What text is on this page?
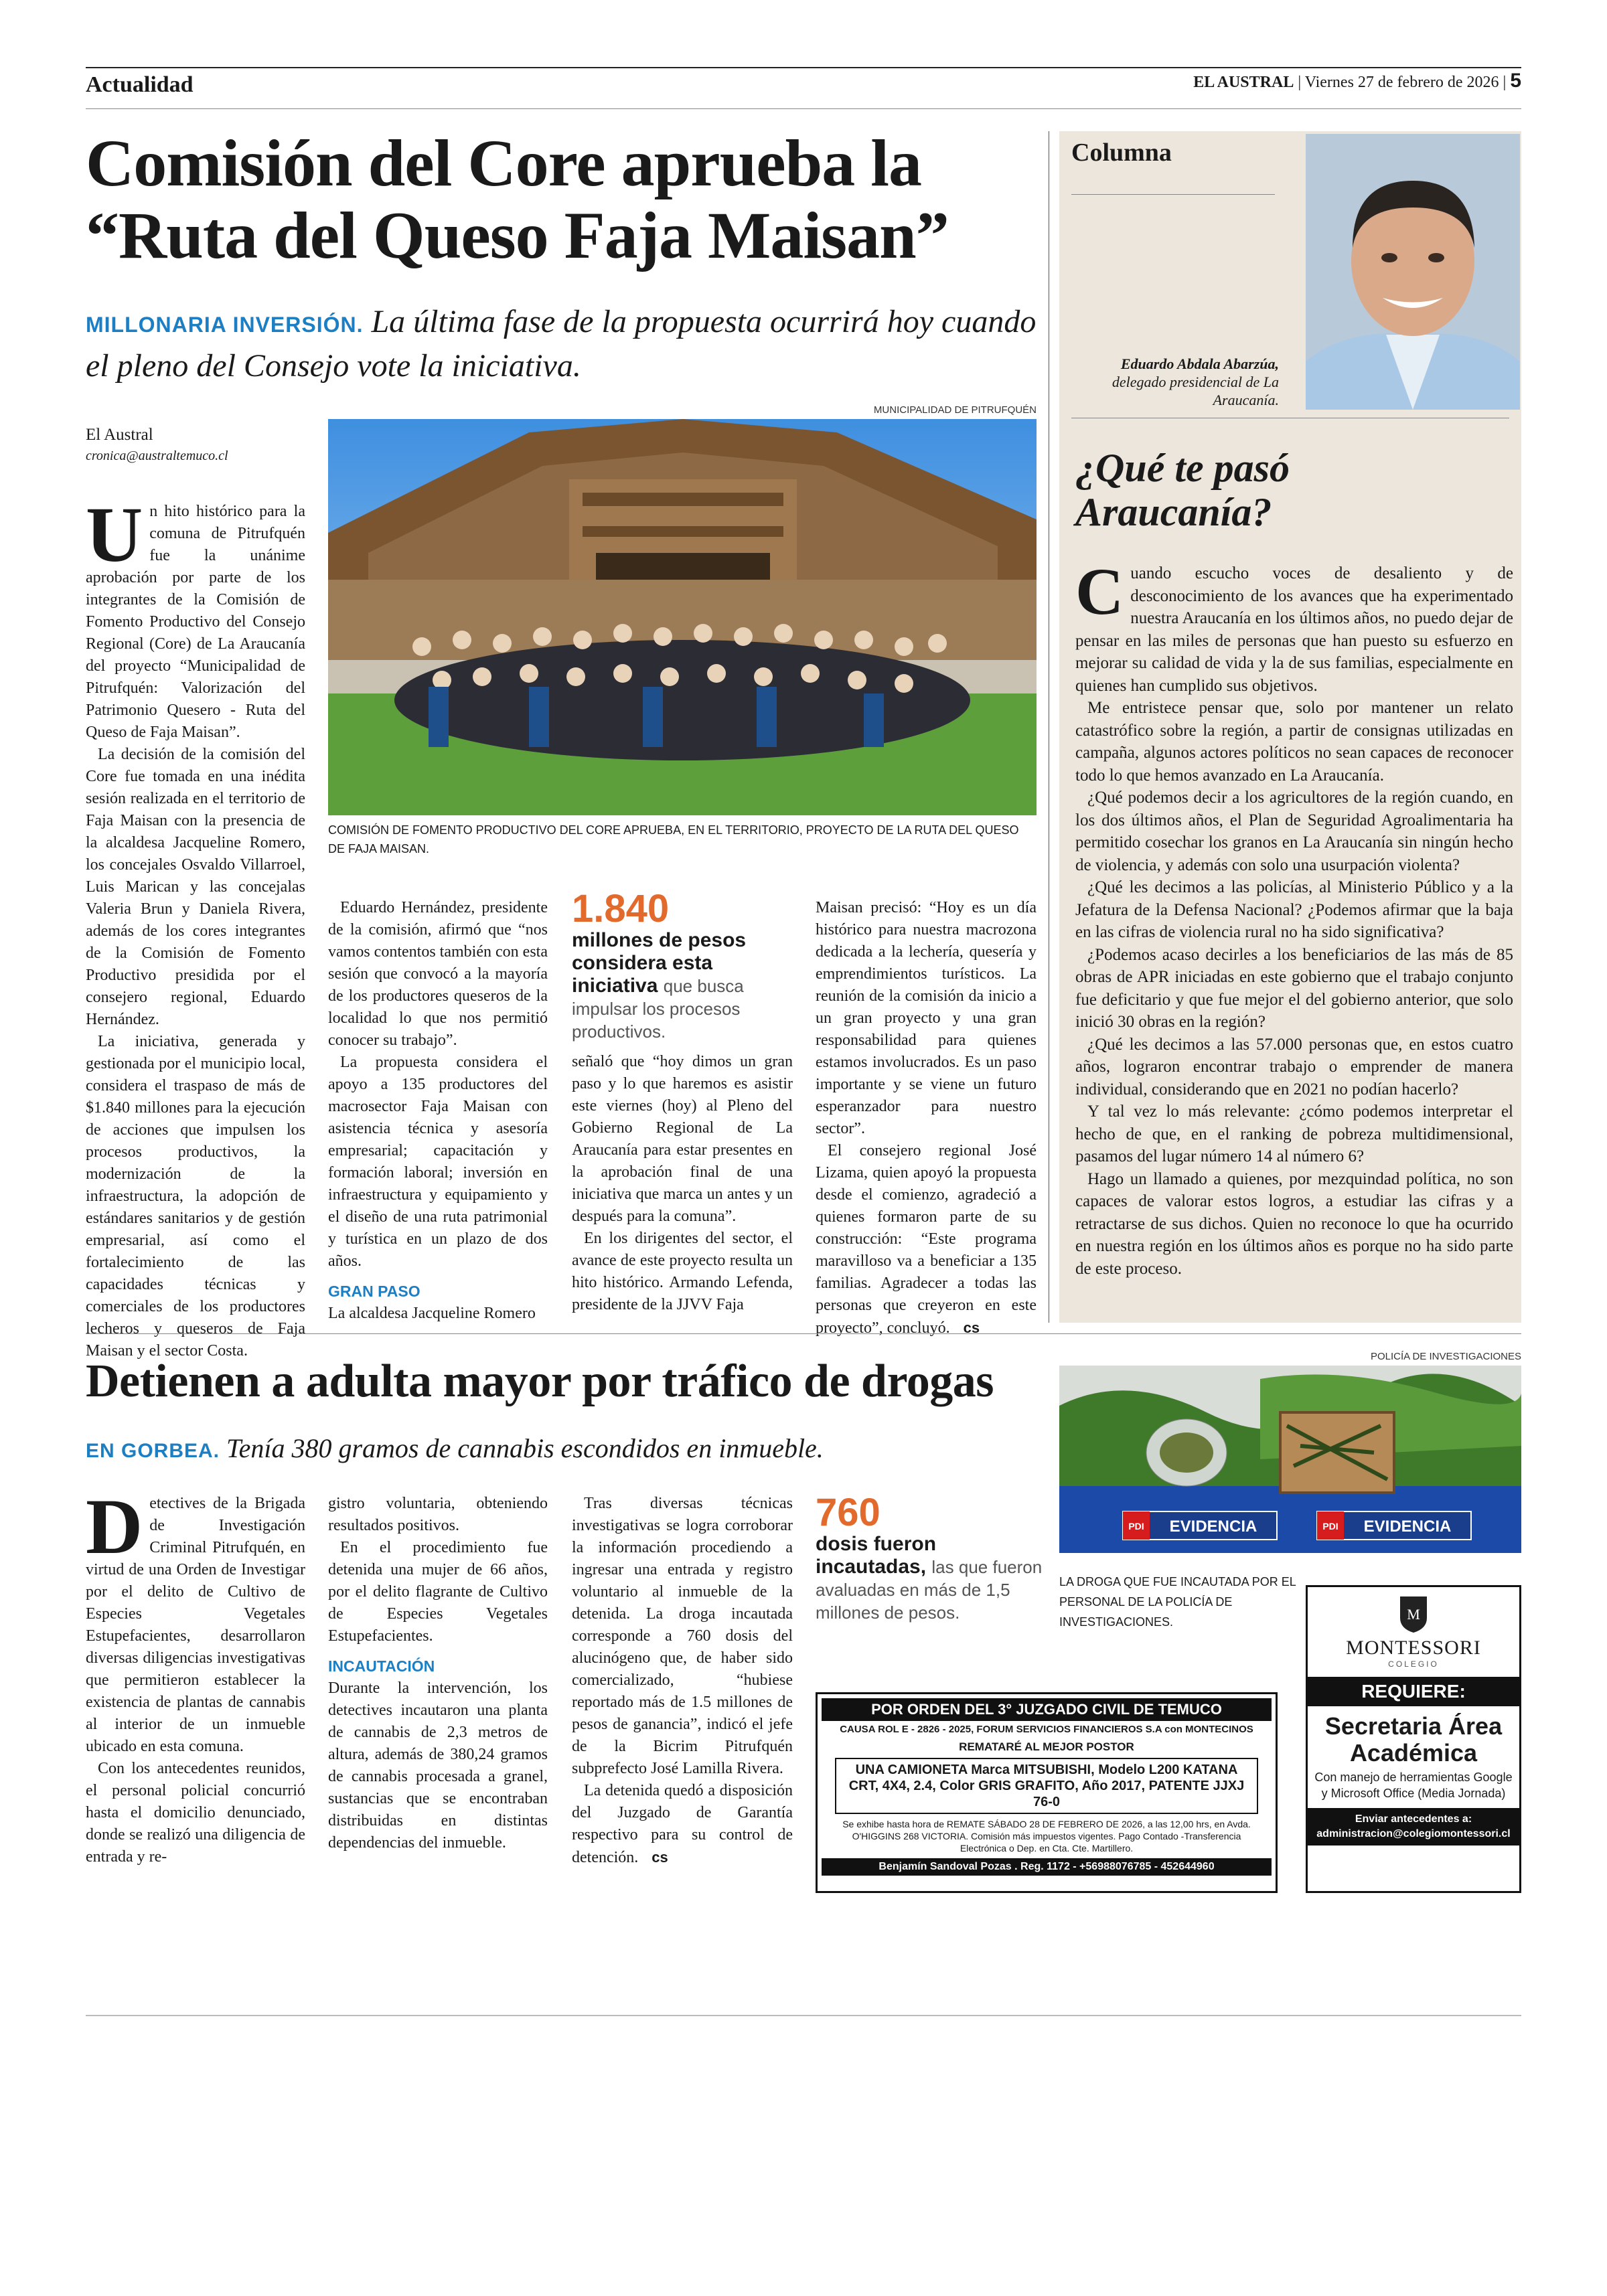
Actualidad	EL AUSTRAL | Viernes 27 de febrero de 2026 | 5
Comisión del Core aprueba la “Ruta del Queso Faja Maisan”
MILLONARIA INVERSIÓN. La última fase de la propuesta ocurrirá hoy cuando el pleno del Consejo vote la iniciativa.
MUNICIPALIDAD DE PITRUFQUÉN
El Austral
cronica@australtemuco.cl
COMISIÓN DE FOMENTO PRODUCTIVO DEL CORE APRUEBA, EN EL TERRITORIO, PROYECTO DE LA RUTA DEL QUESO DE FAJA MAISAN.

Un hito histórico para la comuna de Pitrufquén fue la unánime aprobación por parte de los integrantes de la Comisión de Fomento Productivo del Consejo Regional (Core) de La Araucanía del proyecto “Municipalidad de Pitrufquén: Valorización del Patrimonio Quesero - Ruta del Queso de Faja Maisan”.

La decisión de la comisión del Core fue tomada en una inédita sesión realizada en el territorio de Faja Maisan con la presencia de la alcaldesa Jacqueline Romero, los concejales Osvaldo Villarroel, Luis Marican y las concejalas Valeria Brun y Daniela Rivera, además de los cores integrantes de la Comisión de Fomento Productivo presidida por el consejero regional, Eduardo Hernández.

La iniciativa, generada y gestionada por el municipio local, considera el traspaso de más de $1.840 millones para la ejecución de acciones que impulsen los procesos productivos, la modernización de la infraestructura, la adopción de estándares sanitarios y de gestión empresarial, así como el fortalecimiento de las capacidades técnicas y comerciales de los productores lecheros y queseros de Faja Maisan y el sector Costa.

Eduardo Hernández, presidente de la comisión, afirmó que “nos vamos contentos también con esta sesión que convocó a la mayoría de los productores queseros de la localidad lo que nos permitió conocer su trabajo”.

La propuesta considera el apoyo a 135 productores del macrosector Faja Maisan con asistencia técnica y asesoría empresarial; capacitación y formación laboral; inversión en infraestructura y equipamiento y el diseño de una ruta patrimonial y turística en un plazo de dos años.

GRAN PASO

La alcaldesa Jacqueline Romero

1.840
millones de pesos considera esta iniciativa que busca impulsar los procesos productivos.

señaló que “hoy dimos un gran paso y lo que haremos es asistir este viernes (hoy) al Pleno del Gobierno Regional de La Araucanía para estar presentes en la aprobación final de una iniciativa que marca un antes y un después para la comuna”.

En los dirigentes del sector, el avance de este proyecto resulta un hito histórico. Armando Lefenda, presidente de la JJVV Faja

Maisan precisó: “Hoy es un día histórico para nuestra macrozona dedicada a la lechería, quesería y emprendimientos turísticos. La reunión de la comisión da inicio a un gran proyecto y una gran responsabilidad para quienes estamos involucrados. Es un paso importante y se viene un futuro esperanzador para nuestro sector”.

El consejero regional José Lizama, quien apoyó la propuesta desde el comienzo, agradeció a quienes formaron parte de su construcción: “Este programa maravilloso va a beneficiar a 135 familias. Agradecer a todas las personas que creyeron en este proyecto”, concluyó. cs

Columna
Eduardo Abdala Abarzúa,
delegado presidencial de La Araucanía.
¿Qué te pasó Araucanía?

Cuando escucho voces de desaliento y de desconocimiento de los avances que ha experimentado nuestra Araucanía en los últimos años, no puedo dejar de pensar en las miles de personas que han puesto su esfuerzo en mejorar su calidad de vida y la de sus familias, especialmente en quienes han cumplido sus objetivos.

Me entristece pensar que, solo por mantener un relato catastrófico sobre la región, a partir de consignas utilizadas en campaña, algunos actores políticos no sean capaces de reconocer todo lo que hemos avanzado en La Araucanía.

¿Qué podemos decir a los agricultores de la región cuando, en los dos últimos años, el Plan de Seguridad Agroalimentaria ha permitido cosechar los granos en La Araucanía sin ningún hecho de violencia, y además con solo una usurpación violenta?

¿Qué les decimos a las policías, al Ministerio Público y a la Jefatura de la Defensa Nacional? ¿Podemos afirmar que la baja en las cifras de violencia rural no ha sido significativa?

¿Podemos acaso decirles a los beneficiarios de las más de 85 obras de APR iniciadas en este gobierno que el trabajo conjunto fue deficitario y que fue mejor el del gobierno anterior, que solo inició 30 obras en la región?

¿Qué les decimos a las 57.000 personas que, en estos cuatro años, lograron encontrar trabajo o emprender de manera individual, considerando que en 2021 no podían hacerlo?

Y tal vez lo más relevante: ¿cómo podemos interpretar el hecho de que, en el ranking de pobreza multidimensional, pasamos del lugar número 14 al número 6?

Hago un llamado a quienes, por mezquindad política, no son capaces de valorar estos logros, a estudiar las cifras y a retractarse de sus dichos. Quien no reconoce lo que ha ocurrido en nuestra región en los últimos años es porque no ha sido parte de este proceso.

Detienen a adulta mayor por tráfico de drogas
EN GORBEA. Tenía 380 gramos de cannabis escondidos en inmueble.

Detectives de la Brigada de Investigación Criminal Pitrufquén, en virtud de una Orden de Investigar por el delito de Cultivo de Especies Vegetales Estupefacientes, desarrollaron diversas diligencias investigativas que permitieron establecer la existencia de plantas de cannabis al interior de un inmueble ubicado en esta comuna.

Con los antecedentes reunidos, el personal policial concurrió hasta el domicilio denunciado, donde se realizó una diligencia de entrada y re-

gistro voluntaria, obteniendo resultados positivos.

En el procedimiento fue detenida una mujer de 66 años, por el delito flagrante de Cultivo de Especies Vegetales Estupefacientes.

INCAUTACIÓN

Durante la intervención, los detectives incautaron una planta de cannabis de 2,3 metros de altura, además de 380,24 gramos de cannabis procesada a granel, sustancias que se encontraban distribuidas en distintas dependencias del inmueble.

Tras diversas técnicas investigativas se logra corroborar la información procediendo a ingresar una entrada y registro voluntario al inmueble de la detenida. La droga incautada corresponde a 760 dosis del alucinógeno que, de haber sido comercializado, “hubiese reportado más de 1.5 millones de pesos de ganancia”, indicó el jefe de la Bicrim Pitrufquén subprefecto José Lamilla Rivera.

La detenida quedó a disposición del Juzgado de Garantía respectivo para su control de detención. cs

760
dosis fueron incautadas, las que fueron avaluadas en más de 1,5 millones de pesos.
POLICÍA DE INVESTIGACIONES
PDI EVIDENCIA	PDI EVIDENCIA
LA DROGA QUE FUE INCAUTADA POR EL PERSONAL DE LA POLICÍA DE INVESTIGACIONES.
POR ORDEN DEL 3° JUZGADO CIVIL DE TEMUCO
CAUSA ROL E - 2826 - 2025, FORUM SERVICIOS FINANCIEROS S.A con MONTECINOS
REMATARÉ AL MEJOR POSTOR
UNA CAMIONETA Marca MITSUBISHI, Modelo L200 KATANA CRT, 4X4, 2.4, Color GRIS GRAFITO, Año 2017, PATENTE JJXJ 76-0
Se exhibe hasta hora de REMATE SÁBADO 28 DE FEBRERO DE 2026, a las 12,00 hrs, en Avda. O'HIGGINS 268 VICTORIA. Comisión más impuestos vigentes. Pago Contado -Transferencia Electrónica o Dep. en Cta. Cte. Martillero.
Benjamín Sandoval Pozas . Reg. 1172 - +56988076785 - 452644960
M
MONTESSORI
COLEGIO
REQUIERE:
Secretaria Área Académica
Con manejo de herramientas Google y Microsoft Office (Media Jornada)
Enviar antecedentes a:
administracion@colegiomontessori.cl
